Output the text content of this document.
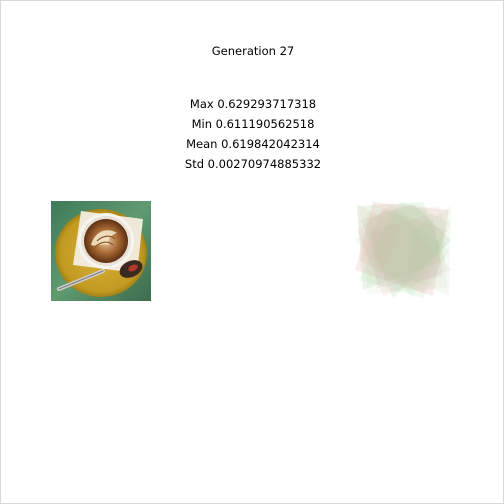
Generation 27
Max 0.629293717318
Min 0.611190562518
Mean 0.619842042314
Std 0.00270974885332
